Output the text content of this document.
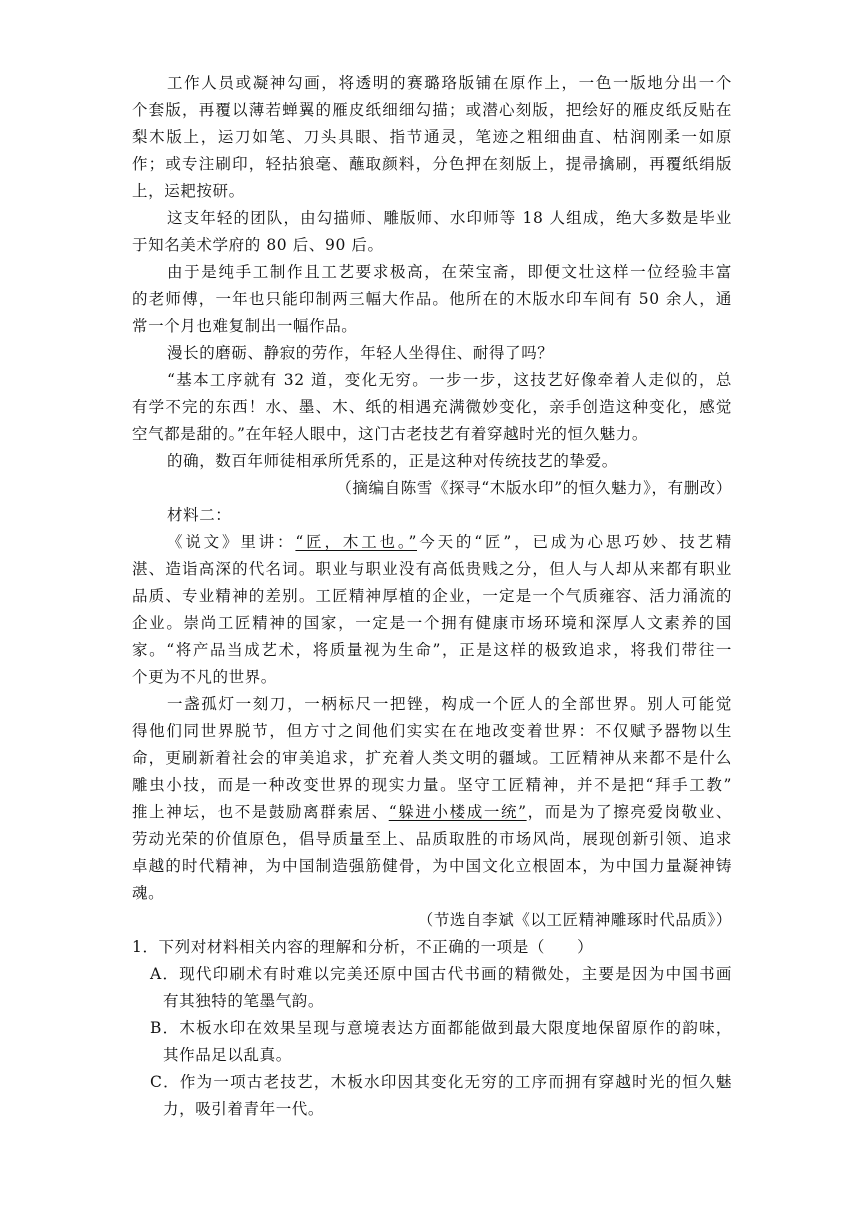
工作人员或凝神勾画，将透明的赛璐珞版铺在原作上，一色一版地分出一个
个套版，再覆以薄若蝉翼的雁皮纸细细勾描；或潜心刻版，把绘好的雁皮纸反贴在
梨木版上，运刀如笔、刀头具眼、指节通灵，笔迹之粗细曲直、枯润刚柔一如原
作；或专注刷印，轻拈狼毫、蘸取颜料，分色押在刻版上，提帚擒刷，再覆纸绢版
上，运耙按研。
这支年轻的团队，由勾描师、雕版师、水印师等 18 人组成，绝大多数是毕业
于知名美术学府的 80 后、90 后。
由于是纯手工制作且工艺要求极高，在荣宝斋，即便文壮这样一位经验丰富
的老师傅，一年也只能印制两三幅大作品。他所在的木版水印车间有 50 余人，通
常一个月也难复制出一幅作品。
漫长的磨砺、静寂的劳作，年轻人坐得住、耐得了吗？
“基本工序就有 32 道，变化无穷。一步一步，这技艺好像牵着人走似的，总
有学不完的东西！水、墨、木、纸的相遇充满微妙变化，亲手创造这种变化，感觉
空气都是甜的。”在年轻人眼中，这门古老技艺有着穿越时光的恒久魅力。
的确，数百年师徒相承所凭系的，正是这种对传统技艺的挚爱。
（摘编自陈雪《探寻“木版水印”的恒久魅力》，有删改）
材料二：
《说文》里讲：“匠，木工也。”今天的“匠”，已成为心思巧妙、技艺精
湛、造诣高深的代名词。职业与职业没有高低贵贱之分，但人与人却从来都有职业
品质、专业精神的差别。工匠精神厚植的企业，一定是一个气质雍容、活力涌流的
企业。崇尚工匠精神的国家，一定是一个拥有健康市场环境和深厚人文素养的国
家。“将产品当成艺术，将质量视为生命”，正是这样的极致追求，将我们带往一
个更为不凡的世界。
一盏孤灯一刻刀，一柄标尺一把锉，构成一个匠人的全部世界。别人可能觉
得他们同世界脱节，但方寸之间他们实实在在地改变着世界：不仅赋予器物以生
命，更刷新着社会的审美追求，扩充着人类文明的疆域。工匠精神从来都不是什么
雕虫小技，而是一种改变世界的现实力量。坚守工匠精神，并不是把“拜手工教”
推上神坛，也不是鼓励离群索居、“躲进小楼成一统”，而是为了擦亮爱岗敬业、
劳动光荣的价值原色，倡导质量至上、品质取胜的市场风尚，展现创新引领、追求
卓越的时代精神，为中国制造强筋健骨，为中国文化立根固本，为中国力量凝神铸
魂。
（节选自李斌《以工匠精神雕琢时代品质》）
1．下列对材料相关内容的理解和分析，不正确的一项是（　　）
A．现代印刷术有时难以完美还原中国古代书画的精微处，主要是因为中国书画
有其独特的笔墨气韵。
B．木板水印在效果呈现与意境表达方面都能做到最大限度地保留原作的韵味，
其作品足以乱真。
C．作为一项古老技艺，木板水印因其变化无穷的工序而拥有穿越时光的恒久魅
力，吸引着青年一代。
